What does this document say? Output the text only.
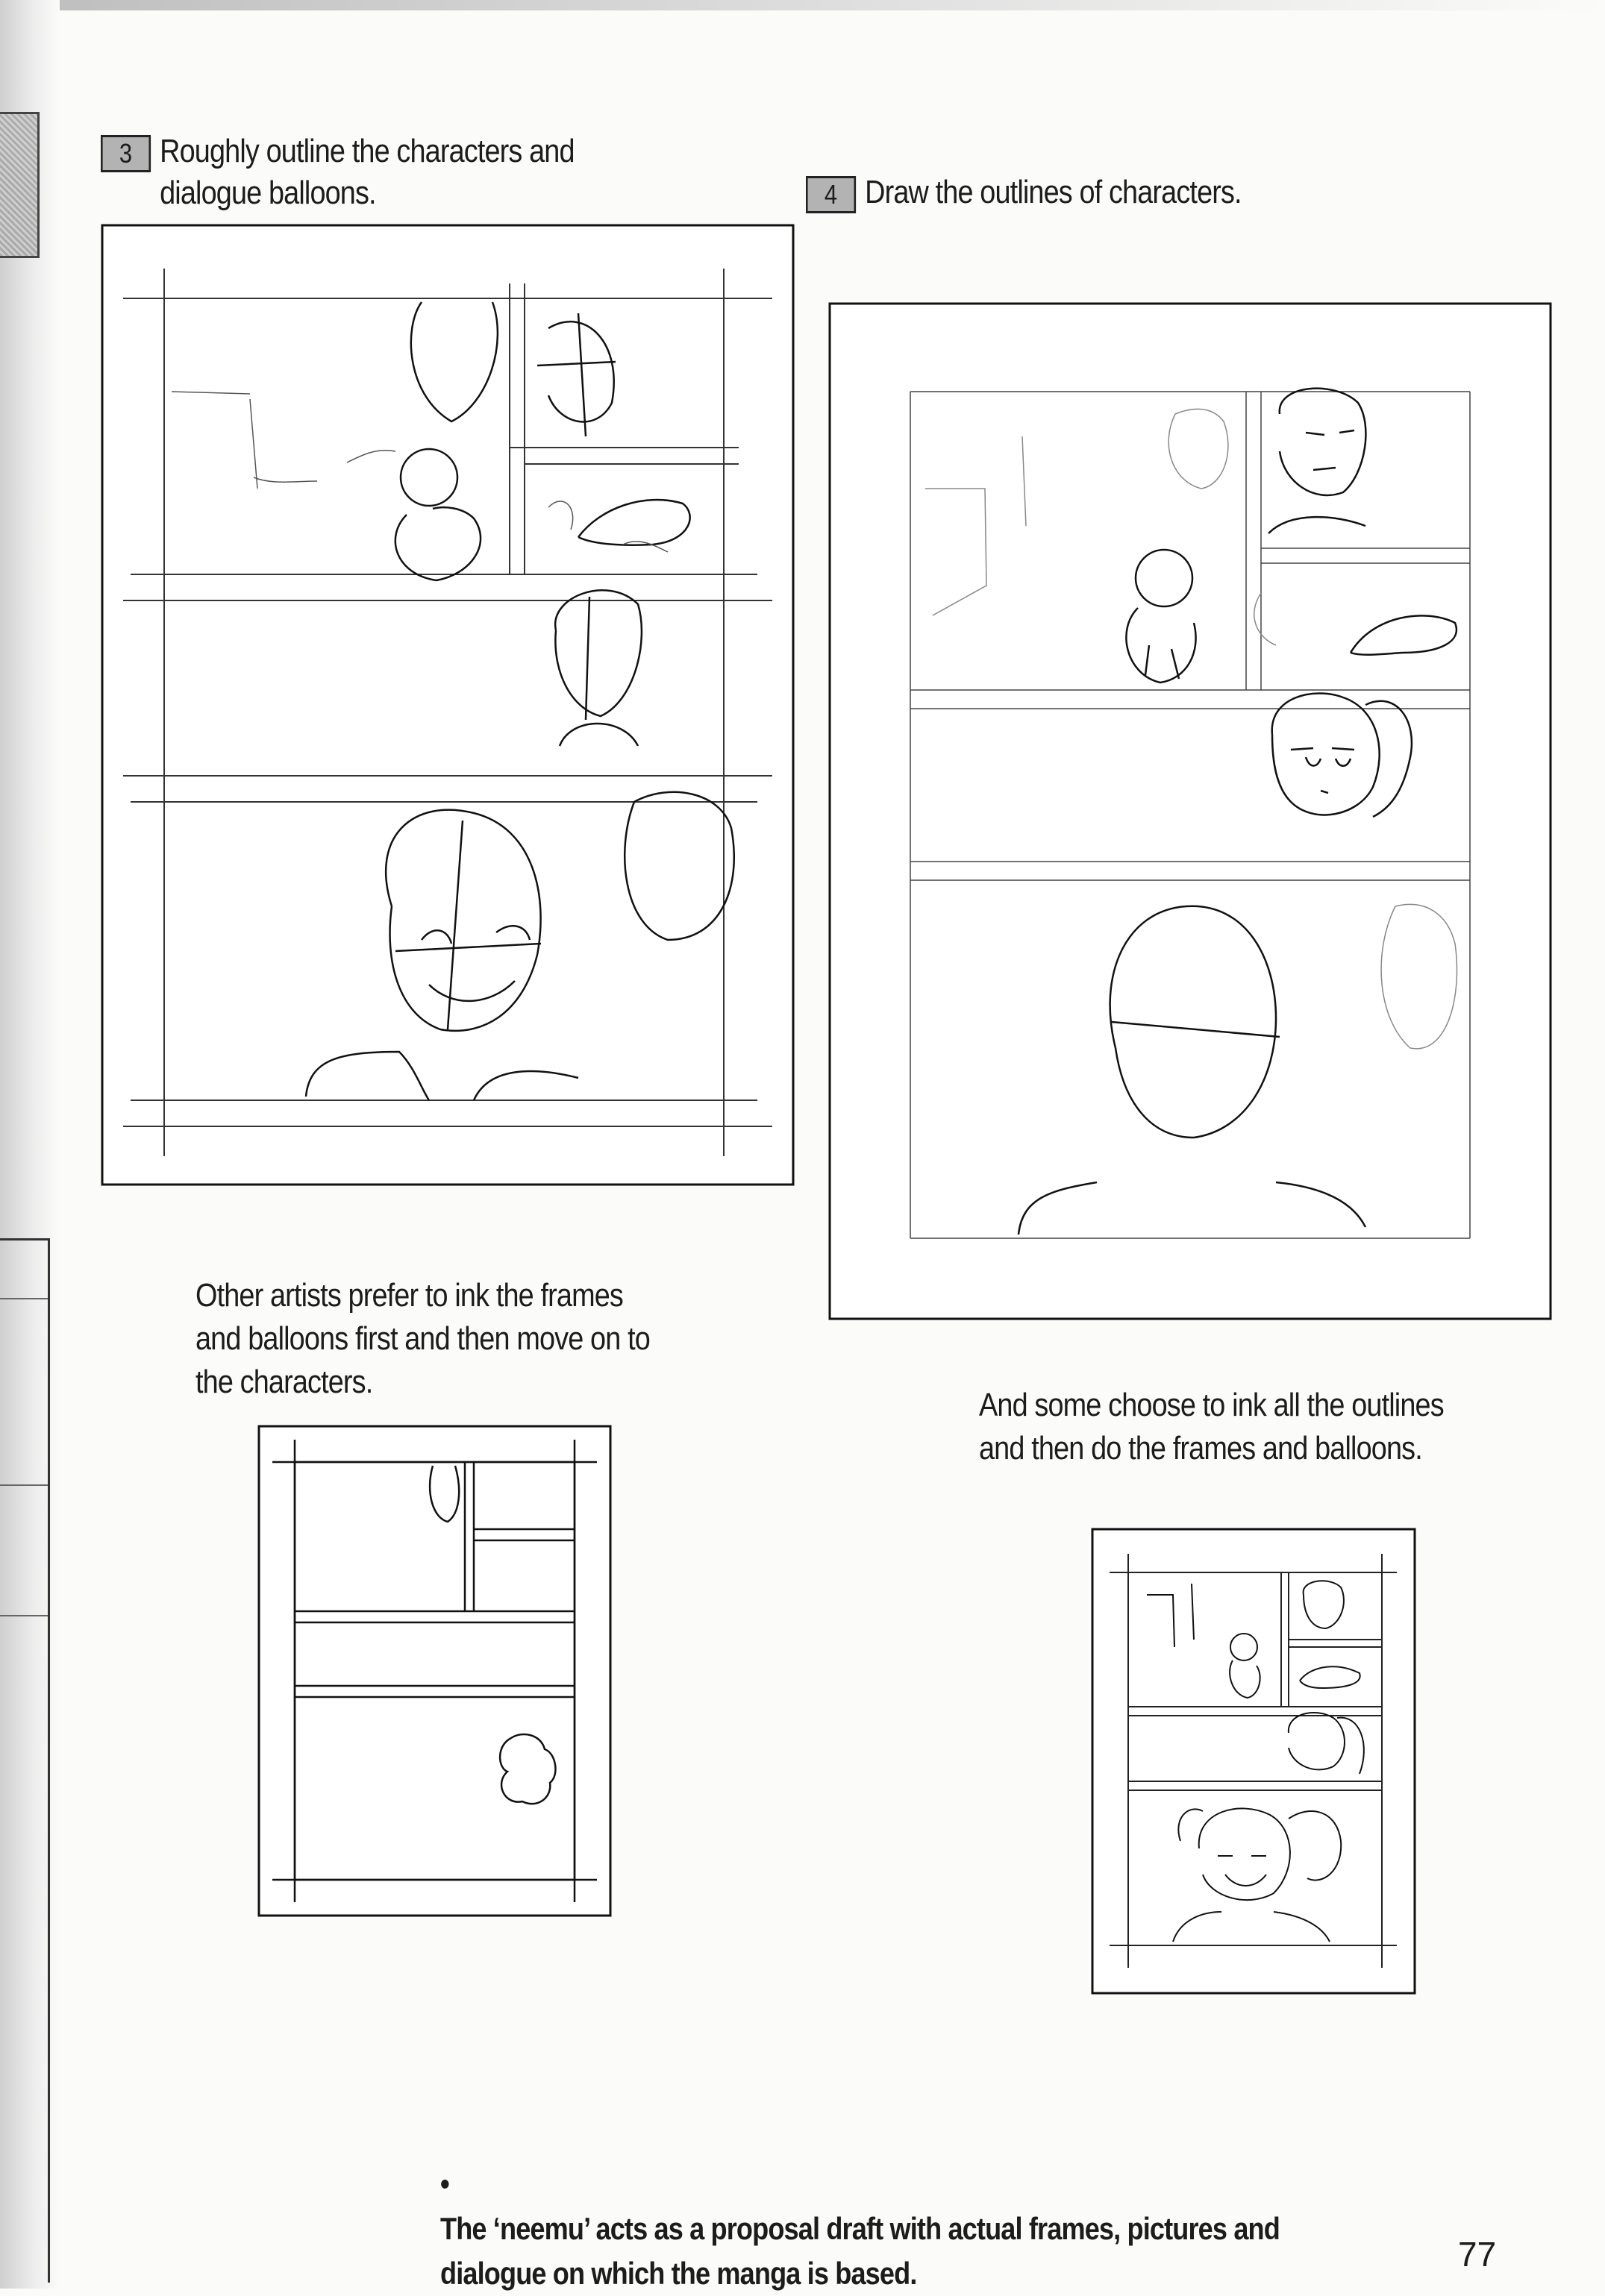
3 Roughly outline the characters and
dialogue balloons.	4 Draw the outlines of characters.
Other artists prefer to ink the frames
and balloons first and then move on to
the characters.
And some choose to ink all the outlines
and then do the frames and balloons.

•
The ‘neemu’ acts as a proposal draft with actual frames, pictures and
dialogue on which the manga is based.	77
